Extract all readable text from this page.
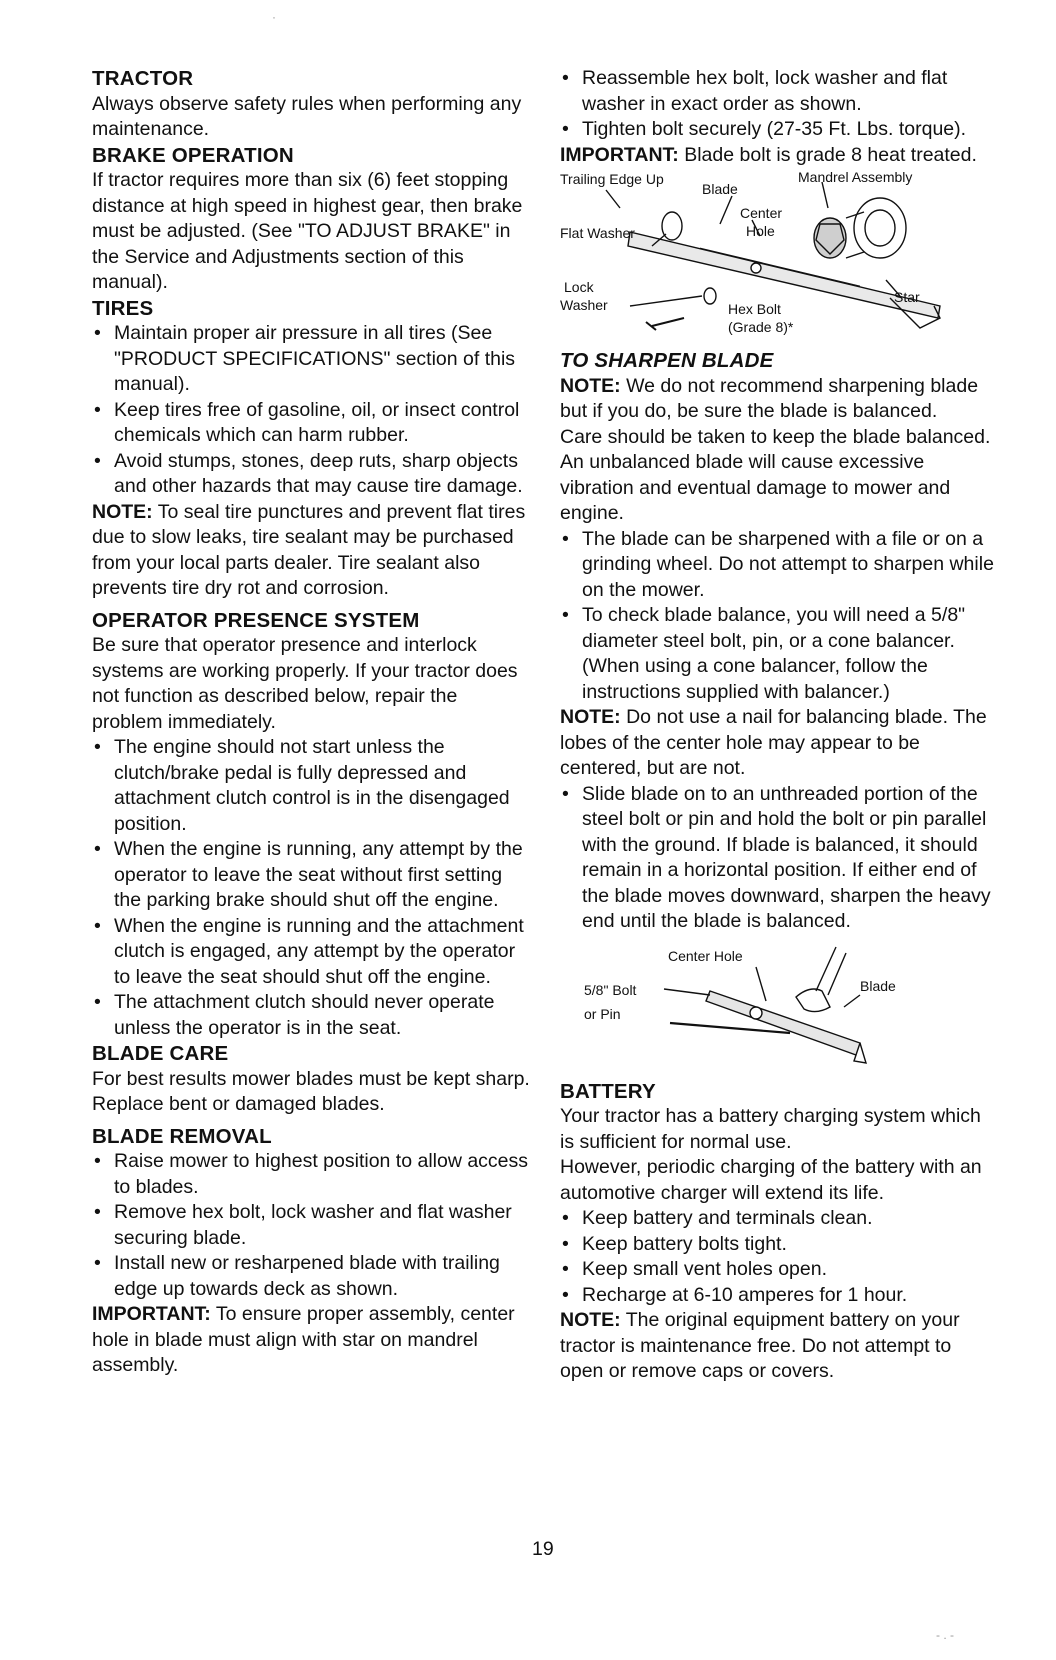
·
TRACTOR

Always observe safety rules when performing any maintenance.

BRAKE OPERATION

If tractor requires more than six (6) feet stopping distance at high speed in highest gear, then brake must be adjusted. (See "TO ADJUST BRAKE" in the Service and Adjustments section of this manual).

TIRES
• Maintain proper air pressure in all tires (See "PRODUCT SPECIFICATIONS" section of this manual).
• Keep tires free of gasoline, oil, or insect control chemicals which can harm rubber.
• Avoid stumps, stones, deep ruts, sharp objects and other hazards that may cause tire damage.

NOTE: To seal tire punctures and prevent flat tires due to slow leaks, tire sealant may be purchased from your local parts dealer. Tire sealant also prevents tire dry rot and corrosion.

OPERATOR PRESENCE SYSTEM

Be sure that operator presence and interlock systems are working properly. If your tractor does not function as described below, repair the problem immediately.

• The engine should not start unless the clutch/brake pedal is fully depressed and attachment clutch control is in the disengaged position.
• When the engine is running, any attempt by the operator to leave the seat without first setting the parking brake should shut off the engine.
• When the engine is running and the attachment clutch is engaged, any attempt by the operator to leave the seat should shut off the engine.
• The attachment clutch should never operate unless the operator is in the seat.
BLADE CARE

For best results mower blades must be kept sharp. Replace bent or damaged blades.

BLADE REMOVAL
• Raise mower to highest position to allow access to blades.
• Remove hex bolt, lock washer and flat washer securing blade.
• Install new or resharpened blade with trailing edge up towards deck as shown.

IMPORTANT: To ensure proper assembly, center hole in blade must align with star on mandrel assembly.

• Reassemble hex bolt, lock washer and flat washer in exact order as shown.
• Tighten bolt securely (27-35 Ft. Lbs. torque).

IMPORTANT: Blade bolt is grade 8 heat treated.

Trailing Edge Up
Blade
Mandrel Assembly
Center
Hole
Flat Washer
Lock
Washer	Star
Hex Bolt
(Grade 8)*
TO SHARPEN BLADE

NOTE: We do not recommend sharpening blade but if you do, be sure the blade is balanced.

Care should be taken to keep the blade balanced. An unbalanced blade will cause excessive vibration and eventual damage to mower and engine.

• The blade can be sharpened with a file or on a grinding wheel. Do not attempt to sharpen while on the mower.
• To check blade balance, you will need a 5/8" diameter steel bolt, pin, or a cone balancer. (When using a cone balancer, follow the instructions supplied with balancer.)

NOTE: Do not use a nail for balancing blade. The lobes of the center hole may appear to be centered, but are not.

• Slide blade on to an unthreaded portion of the steel bolt or pin and hold the bolt or pin parallel with the ground. If blade is balanced, it should remain in a horizontal position. If either end of the blade moves downward, sharpen the heavy end until the blade is balanced.
Center Hole
5/8" Bolt
or Pin
Blade
BATTERY

Your tractor has a battery charging system which is sufficient for normal use.

However, periodic charging of the battery with an automotive charger will extend its life.

• Keep battery and terminals clean.
• Keep battery bolts tight.
• Keep small vent holes open.
• Recharge at 6-10 amperes for 1 hour.

NOTE: The original equipment battery on your tractor is maintenance free. Do not attempt to open or remove caps or covers.

19
- . -
